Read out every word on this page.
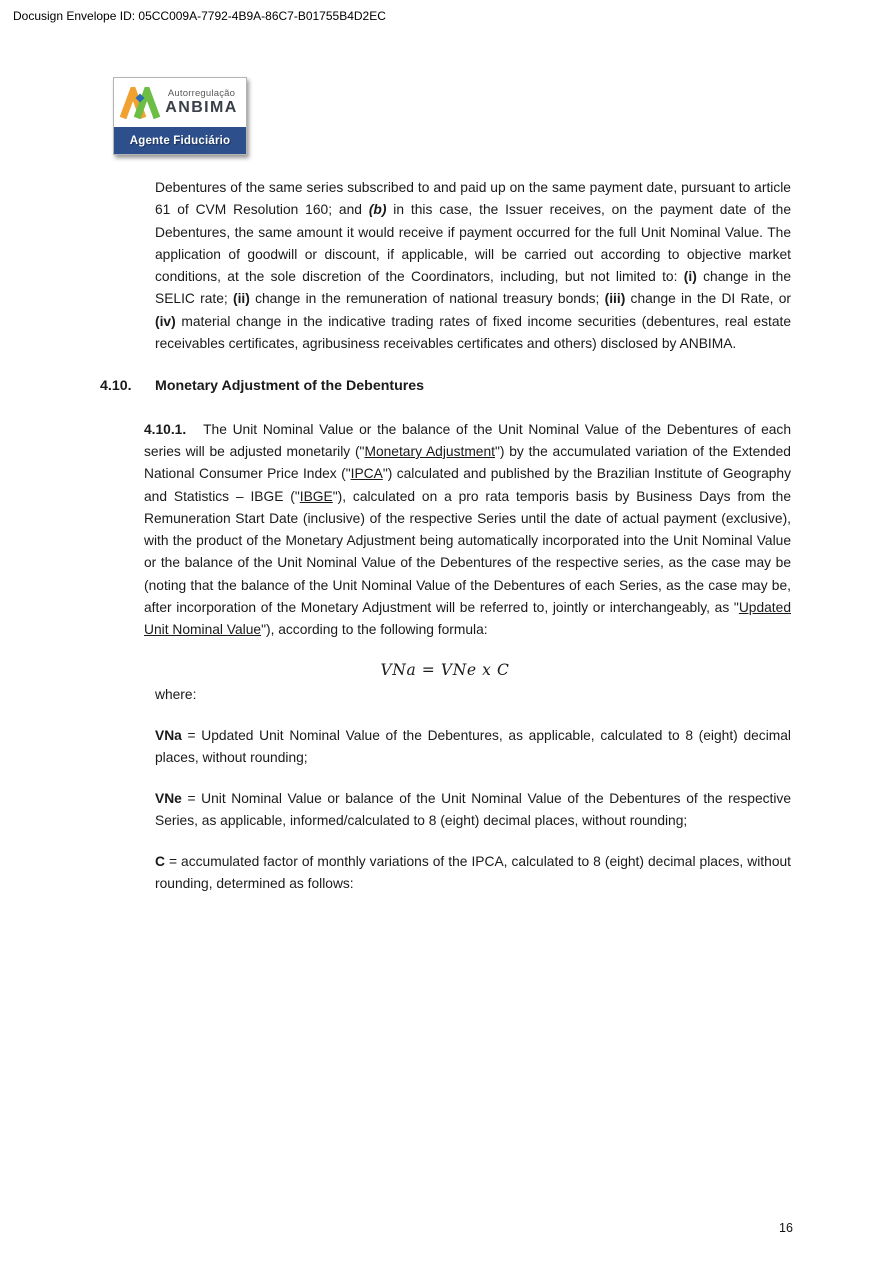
Docusign Envelope ID: 05CC009A-7792-4B9A-86C7-B01755B4D2EC
Autorregulação
ANBIMA
Agente Fiduciário

Debentures of the same series subscribed to and paid up on the same payment date, pursuant to article 61 of CVM Resolution 160; and (b) in this case, the Issuer receives, on the payment date of the Debentures, the same amount it would receive if payment occurred for the full Unit Nominal Value. The application of goodwill or discount, if applicable, will be carried out according to objective market conditions, at the sole discretion of the Coordinators, including, but not limited to: (i) change in the SELIC rate; (ii) change in the remuneration of national treasury bonds; (iii) change in the DI Rate, or (iv) material change in the indicative trading rates of fixed income securities (debentures, real estate receivables certificates, agribusiness receivables certificates and others) disclosed by ANBIMA.

4.10.	Monetary Adjustment of the Debentures

4.10.1.   The Unit Nominal Value or the balance of the Unit Nominal Value of the Debentures of each series will be adjusted monetarily ("Monetary Adjustment") by the accumulated variation of the Extended National Consumer Price Index ("IPCA") calculated and published by the Brazilian Institute of Geography and Statistics – IBGE ("IBGE"), calculated on a pro rata temporis basis by Business Days from the Remuneration Start Date (inclusive) of the respective Series until the date of actual payment (exclusive), with the product of the Monetary Adjustment being automatically incorporated into the Unit Nominal Value or the balance of the Unit Nominal Value of the Debentures of the respective series, as the case may be (noting that the balance of the Unit Nominal Value of the Debentures of each Series, as the case may be, after incorporation of the Monetary Adjustment will be referred to, jointly or interchangeably, as "Updated Unit Nominal Value"), according to the following formula:

VNa = VNe x C

where:

VNa = Updated Unit Nominal Value of the Debentures, as applicable, calculated to 8 (eight) decimal places, without rounding;

VNe = Unit Nominal Value or balance of the Unit Nominal Value of the Debentures of the respective Series, as applicable, informed/calculated to 8 (eight) decimal places, without rounding;

C = accumulated factor of monthly variations of the IPCA, calculated to 8 (eight) decimal places, without rounding, determined as follows:

16
